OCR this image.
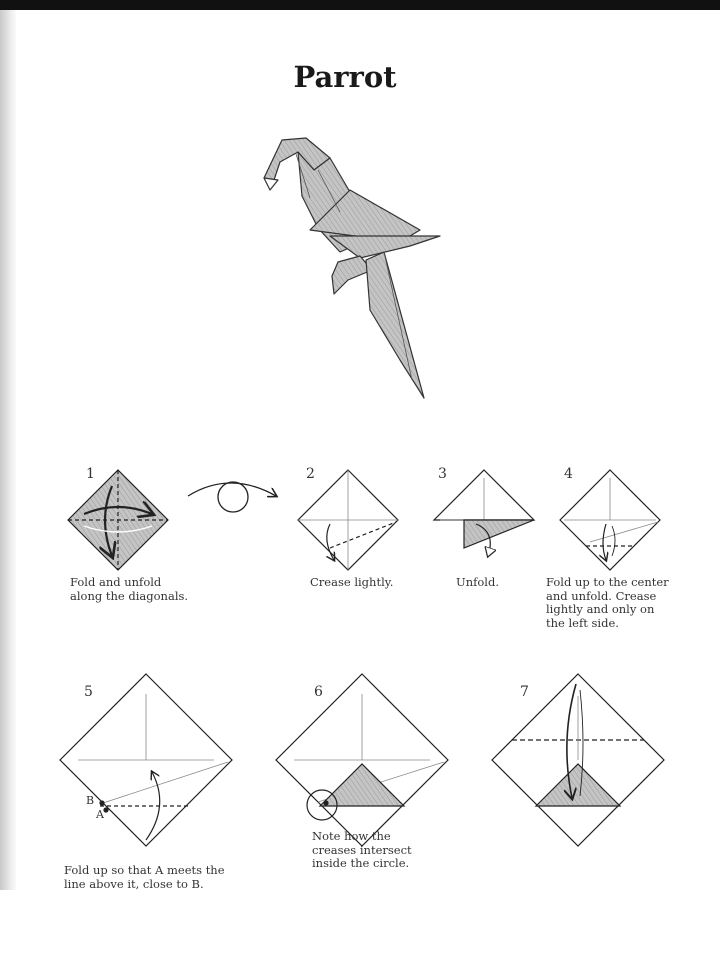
Parrot
1	2	3	4
5	6	7
Fold and unfold
along the diagonals.
Crease lightly.	Unfold.	Fold up to the center
and unfold. Crease
lightly and only on
the left side.
Fold up so that A meets the
line above it, close to B.
Note how the
creases intersect
inside the circle.
B
A
